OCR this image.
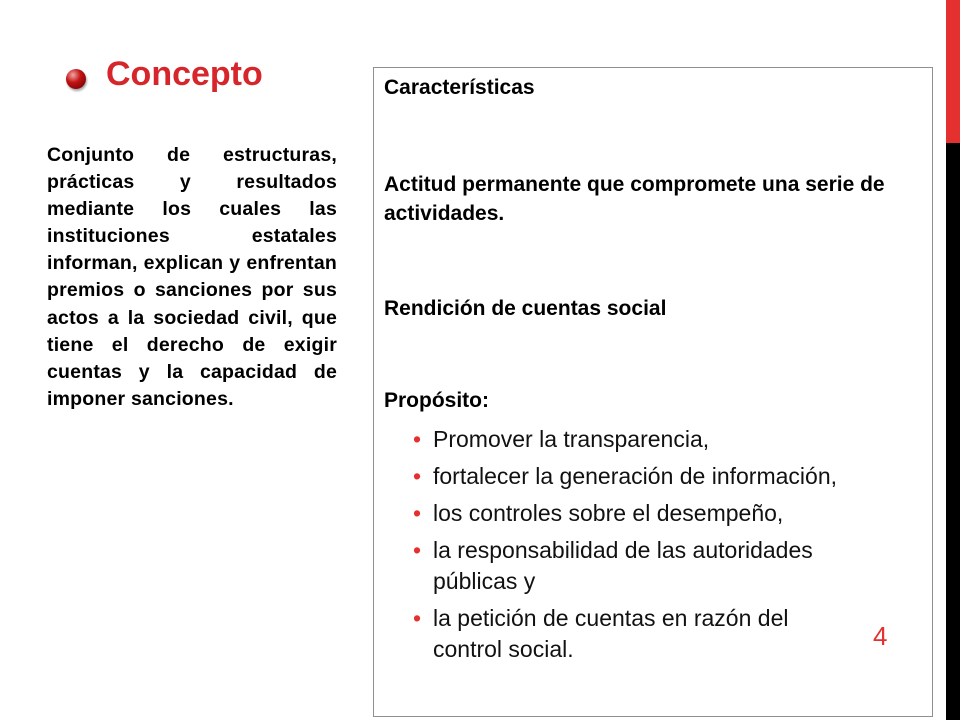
Concepto
Conjunto de estructuras, prácticas y resultados mediante los cuales las instituciones estatales informan, explican y enfrentan premios o sanciones por sus actos a la sociedad civil, que tiene el derecho de exigir cuentas y la capacidad de imponer sanciones.
Características
Actitud permanente que compromete una serie de actividades.
Rendición de cuentas social
Propósito:
• Promover la transparencia,
• fortalecer la generación de información,
• los controles sobre el desempeño,
• la responsabilidad de las autoridades públicas y
• la petición de cuentas en razón del control social.	4
